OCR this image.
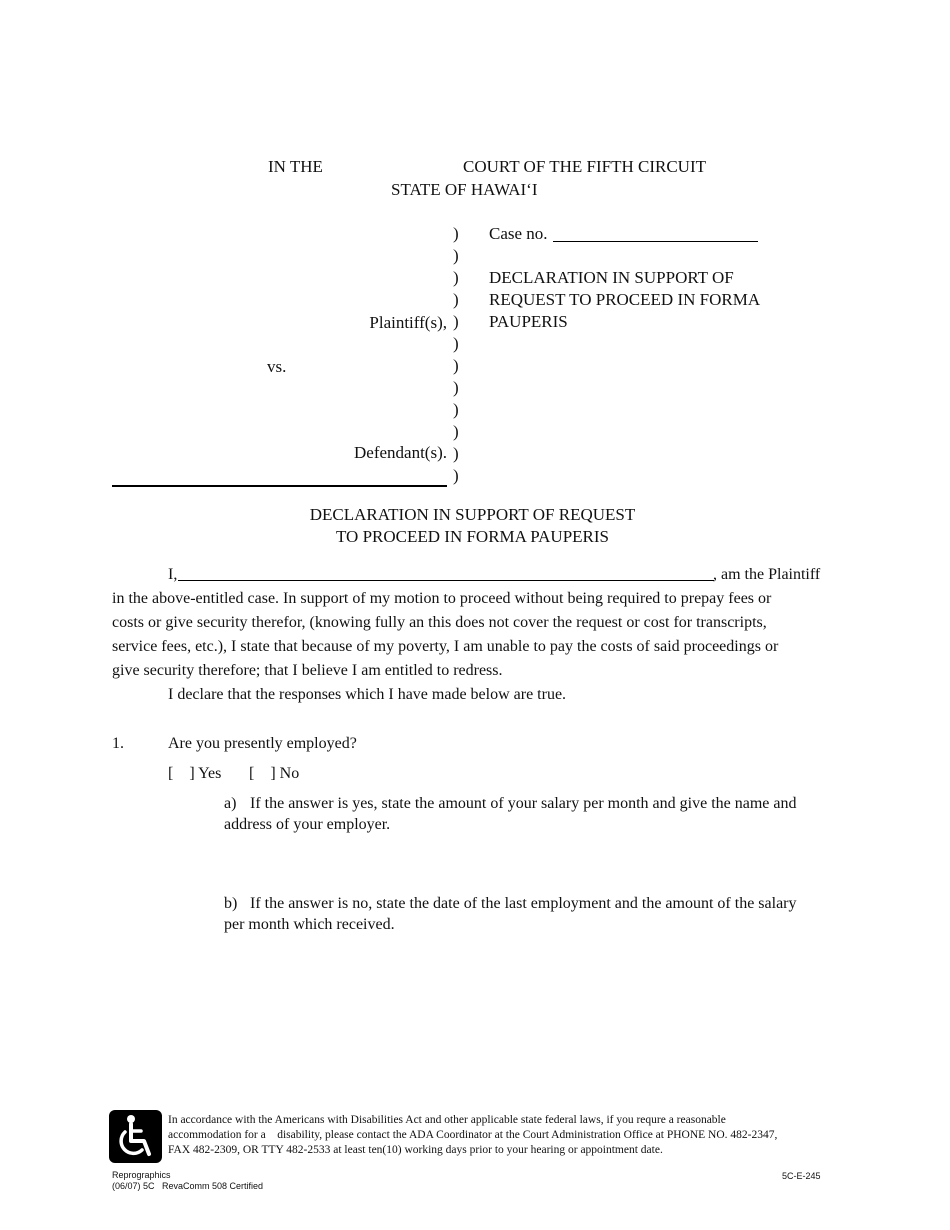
IN THE	COURT OF THE FIFTH CIRCUIT
STATE OF HAWAIʻI
)
)
)
)
)
)
)
)
)
)
)
)
Plaintiff(s),
vs.
Defendant(s).
Case no.
DECLARATION IN SUPPORT OF
REQUEST TO PROCEED IN FORMA
PAUPERIS
DECLARATION IN SUPPORT OF REQUEST
TO PROCEED IN FORMA PAUPERIS
I,	, am the Plaintiff
in the above-entitled case. In support of my motion to proceed without being required to prepay fees or
costs or give security therefor, (knowing fully an this does not cover the request or cost for transcripts,
service fees, etc.), I state that because of my poverty, I am unable to pay the costs of said proceedings or
give security therefore; that I believe I am entitled to redress.
I declare that the responses which I have made below are true.
1.	Are you presently employed?
[    ] Yes [    ] No
a) If the answer is yes, state the amount of your salary per month and give the name and
address of your employer.
b) If the answer is no, state the date of the last employment and the amount of the salary
per month which received.
In accordance with the Americans with Disabilities Act and other applicable state federal laws, if you requre a reasonable
accommodation for a    disability, please contact the ADA Coordinator at the Court Administration Office at PHONE NO. 482-2347,
FAX 482-2309, OR TTY 482-2533 at least ten(10) working days prior to your hearing or appointment date.
Reprographics
(06/07) 5C   RevaComm 508 Certified
5C-E-245
